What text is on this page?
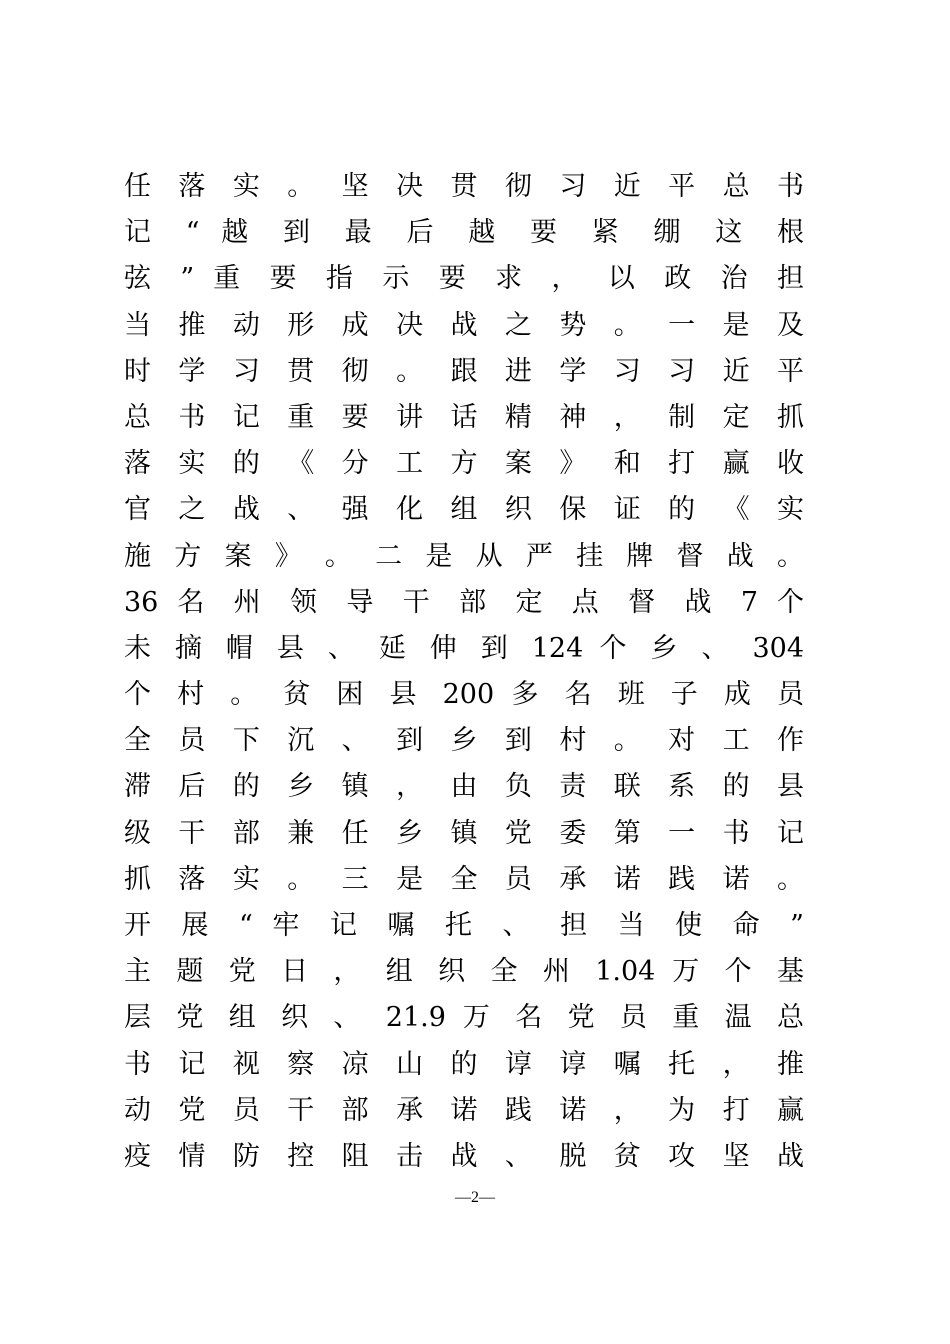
任 落 实 。 坚 决 贯 彻 习 近 平 总 书
记 “ 越 到 最 后 越 要 紧 绷 这 根
弦 ” 重 要 指 示 要 求 ， 以 政 治 担
当 推 动 形 成 决 战 之 势 。 一 是 及
时 学 习 贯 彻 。 跟 进 学 习 习 近 平
总 书 记 重 要 讲 话 精 神 ， 制 定 抓
落 实 的 《 分 工 方 案 》 和 打 赢 收
官 之 战 、 强 化 组 织 保 证 的 《 实
施 方 案 》 。 二 是 从 严 挂 牌 督 战 。
36 名 州 领 导 干 部 定 点 督 战 7 个
未 摘 帽 县 、 延 伸 到 124 个 乡 、 304
个 村 。 贫 困 县 200 多 名 班 子 成 员
全 员 下 沉 、 到 乡 到 村 。 对 工 作
滞 后 的 乡 镇 ， 由 负 责 联 系 的 县
级 干 部 兼 任 乡 镇 党 委 第 一 书 记
抓 落 实 。 三 是 全 员 承 诺 践 诺 。
开 展 “ 牢 记 嘱 托 、 担 当 使 命 ”
主 题 党 日 ， 组 织 全 州 1.04 万 个 基
层 党 组 织 、 21.9 万 名 党 员 重 温 总
书 记 视 察 凉 山 的 谆 谆 嘱 托 ， 推
动 党 员 干 部 承 诺 践 诺 ， 为 打 赢
疫 情 防 控 阻 击 战 、 脱 贫 攻 坚 战
—2—
